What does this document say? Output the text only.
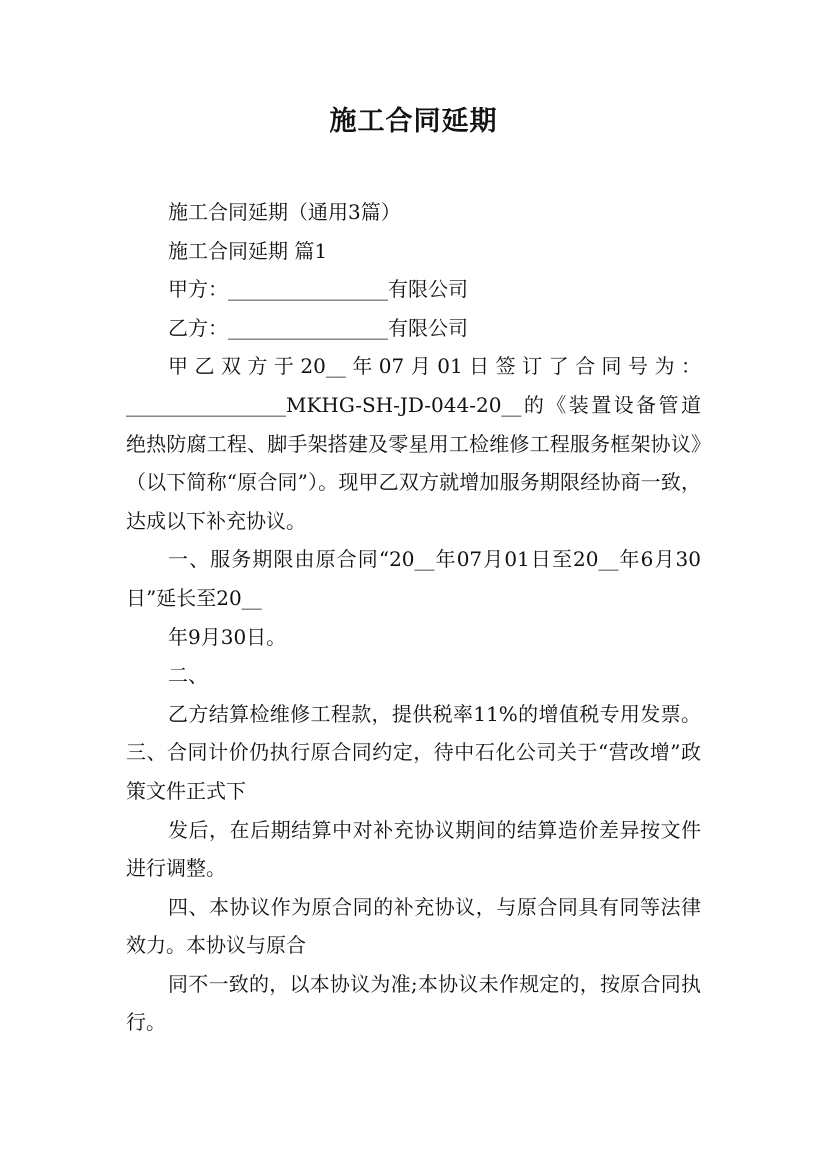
施工合同延期

施工合同延期（通用3篇）

施工合同延期 篇1

甲方：________________有限公司

乙方：________________有限公司

甲乙双方于20__年07月01日签订了合同号为：________________MKHG-SH-JD-044-20__的《装置设备管道绝热防腐工程、脚手架搭建及零星用工检维修工程服务框架协议》（以下简称“原合同”）。现甲乙双方就增加服务期限经协商一致，达成以下补充协议。

一、服务期限由原合同“20__年07月01日至20__年6月30日”延长至20__

年9月30日。

二、

乙方结算检维修工程款，提供税率11%的增值税专用发票。三、合同计价仍执行原合同约定，待中石化公司关于“营改增”政策文件正式下

发后，在后期结算中对补充协议期间的结算造价差异按文件进行调整。

四、本协议作为原合同的补充协议，与原合同具有同等法律效力。本协议与原合

同不一致的，以本协议为准;本协议未作规定的，按原合同执行。
